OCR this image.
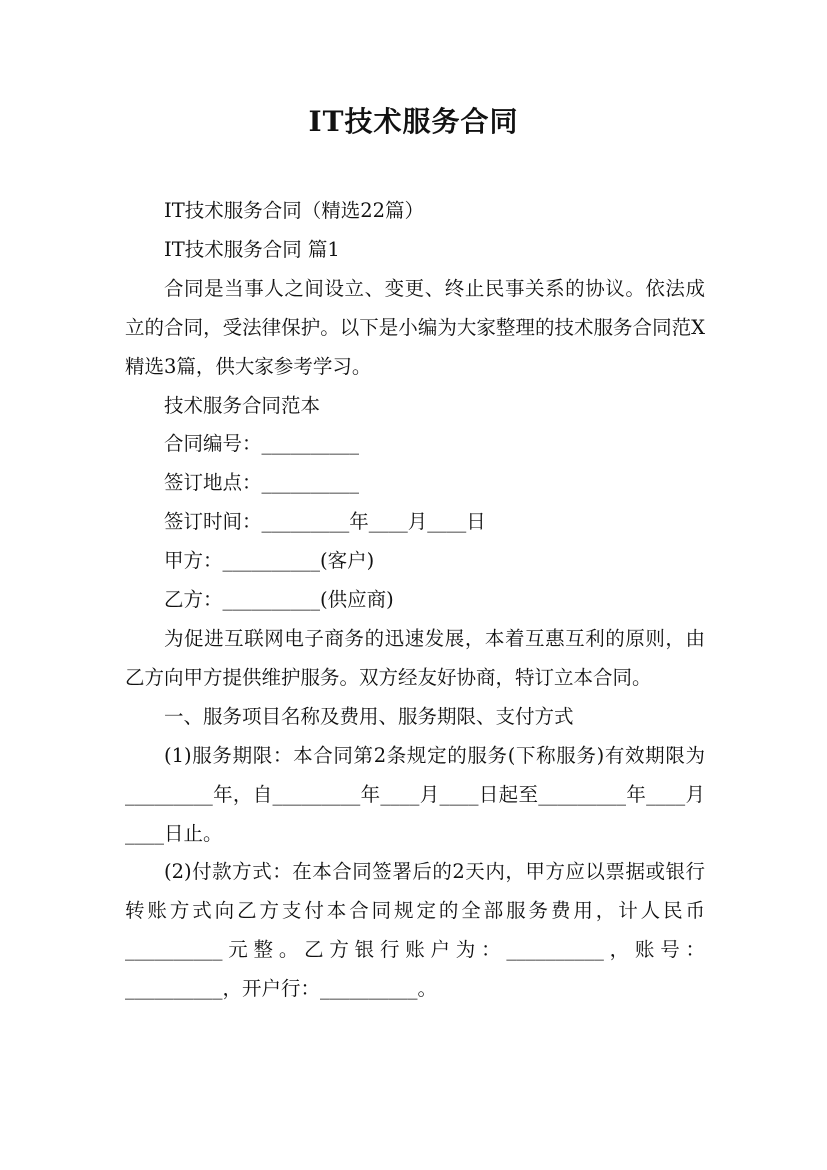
IT技术服务合同

IT技术服务合同（精选22篇）

IT技术服务合同 篇1

合同是当事人之间设立、变更、终止民事关系的协议。依法成立的合同，受法律保护。以下是小编为大家整理的技术服务合同范X精选3篇，供大家参考学习。

技术服务合同范本

合同编号：__________

签订地点：__________

签订时间：_________年____月____日

甲方：__________(客户)

乙方：__________(供应商)

为促进互联网电子商务的迅速发展，本着互惠互利的原则，由乙方向甲方提供维护服务。双方经友好协商，特订立本合同。

一、服务项目名称及费用、服务期限、支付方式

(1)服务期限：本合同第2条规定的服务(下称服务)有效期限为_________年，自_________年____月____日起至_________年____月____日止。

(2)付款方式：在本合同签署后的2天内，甲方应以票据或银行转账方式向乙方支付本合同规定的全部服务费用，计人民币__________元整。乙方银行账户为：__________，账号：__________，开户行：__________。
